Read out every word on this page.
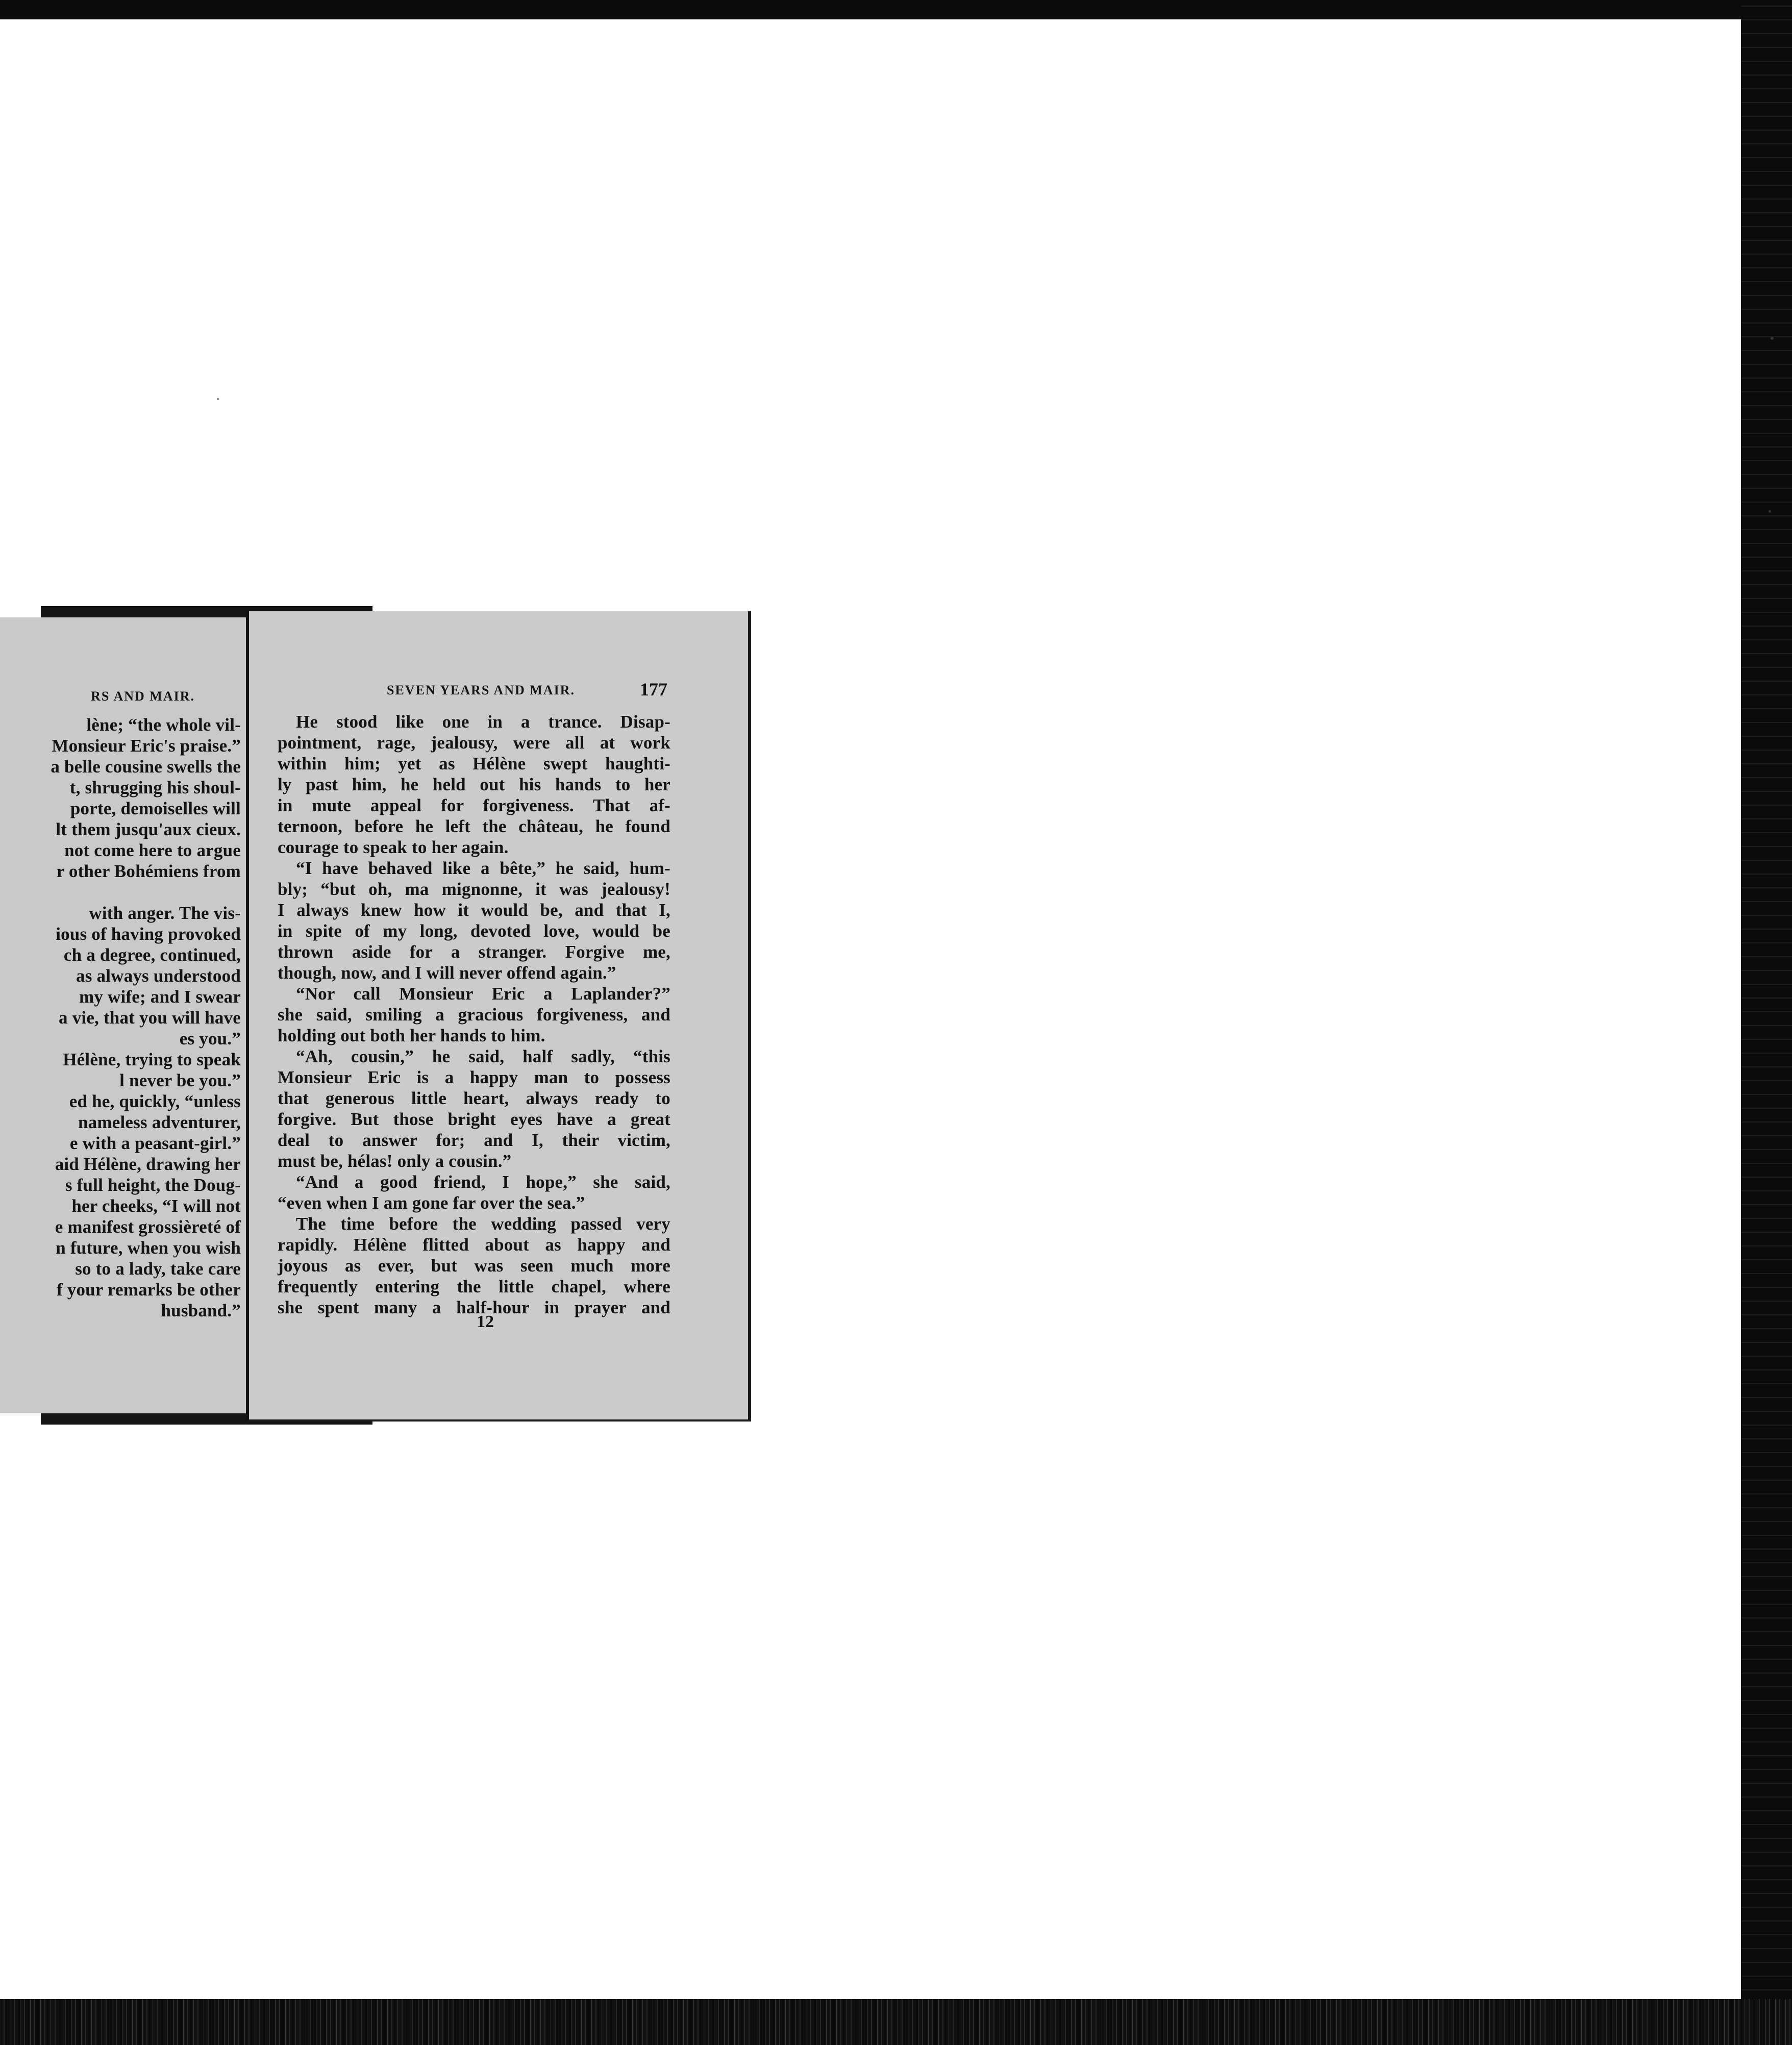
RS AND MAIR.
lène; “the whole vil-
Monsieur Eric's praise.”
a belle cousine swells the
t, shrugging his shoul-
porte, demoiselles will
lt them jusqu'aux cieux.
not come here to argue
r other Bohémiens from
with anger. The vis-
ious of having provoked
ch a degree, continued,
as always understood
my wife; and I swear
a vie, that you will have
es you.”
Hélène, trying to speak
l never be you.”
ed he, quickly, “unless
nameless adventurer,
e with a peasant-girl.”
aid Hélène, drawing her
s full height, the Doug-
her cheeks, “I will not
e manifest grossièreté of
n future, when you wish
so to a lady, take care
f your remarks be other
husband.”
SEVEN YEARS AND MAIR.	177
He stood like one in a trance. Disap-
pointment, rage, jealousy, were all at work
within him; yet as Hélène swept haughti-
ly past him, he held out his hands to her
in mute appeal for forgiveness. That af-
ternoon, before he left the château, he found
courage to speak to her again.
“I have behaved like a bête,” he said, hum-
bly; “but oh, ma mignonne, it was jealousy!
I always knew how it would be, and that I,
in spite of my long, devoted love, would be
thrown aside for a stranger. Forgive me,
though, now, and I will never offend again.”
“Nor call Monsieur Eric a Laplander?”
she said, smiling a gracious forgiveness, and
holding out both her hands to him.
“Ah, cousin,” he said, half sadly, “this
Monsieur Eric is a happy man to possess
that generous little heart, always ready to
forgive. But those bright eyes have a great
deal to answer for; and I, their victim,
must be, hélas! only a cousin.”
“And a good friend, I hope,” she said,
“even when I am gone far over the sea.”
The time before the wedding passed very
rapidly. Hélène flitted about as happy and
joyous as ever, but was seen much more
frequently entering the little chapel, where
she spent many a half-hour in prayer and
12
